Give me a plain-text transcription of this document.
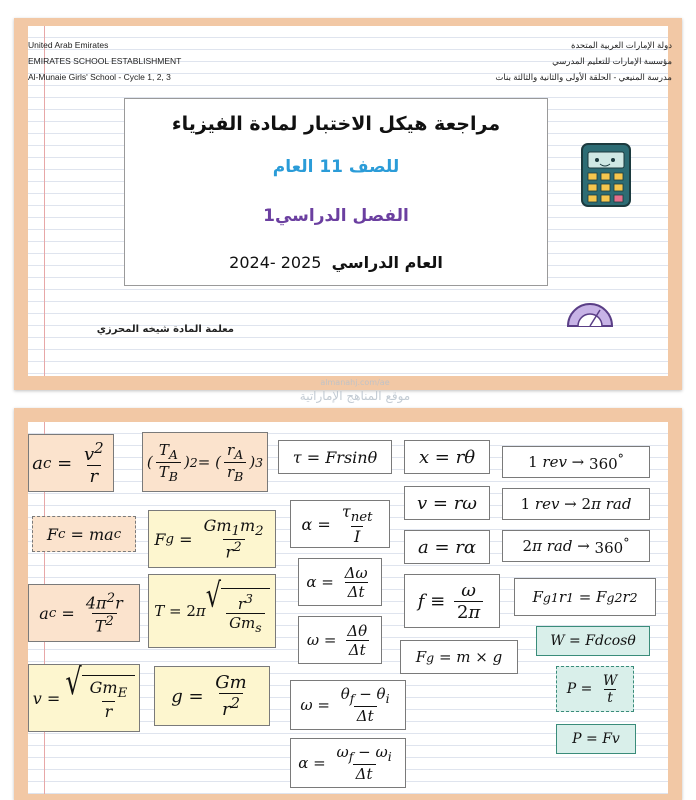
United Arab Emirates
EMIRATES SCHOOL ESTABLISHMENT
Al-Munaie Girls' School - Cycle 1, 2, 3
دولة الإمارات العربية المتحدة
مؤسسة الإمارات للتعليم المدرسي
مدرسة المنيعي - الحلقة الأولى والثانية والثالثة بنات
مراجعة هيكل الاختبار لمادة الفيزياء
للصف 11 العام
الفصل الدراسي1
العام الدراسي  2024- 2025
معلمة المادة شيخه المحرزي
almanahj.com/ae
موقع المناهج الإماراتية
a $c = \frac{v^2}{r}$
F c = ma c
a $c = \frac{4\pi^2r}{T^2}$
v = √ $\frac{Gm_E}{r}$
( $\frac{T_A}{T_B}$ ) 2 = ( $\frac{r_A}{r_B}$ ) 3
F $g = \frac{Gm_1m_2}{r^2}$
T = 2 π √ $\frac{r^3}{Gm_s}$
$g = \frac{Gm}{r^2}$
τ = Frsinθ
$\alpha = \frac{\tau_{net}}{I}$
$\alpha = \frac{\Delta\omega}{\Delta t}$
$\omega = \frac{\Delta\theta}{\Delta t}$
$\omega = \frac{\theta_f - \theta_i}{\Delta t}$
$\alpha = \frac{\omega_f - \omega_i}{\Delta t}$
x = rθ
v = rω
a = rα
$f \equiv \frac{\omega}{2\pi}$
F g = m × g
1 rev → 360°
1 rev → 2 π rad
2 π rad → 360°
F g1 r 1 = F g2 r 2
W = Fdcosθ
$P = \frac{W}{t}$
P = Fv
